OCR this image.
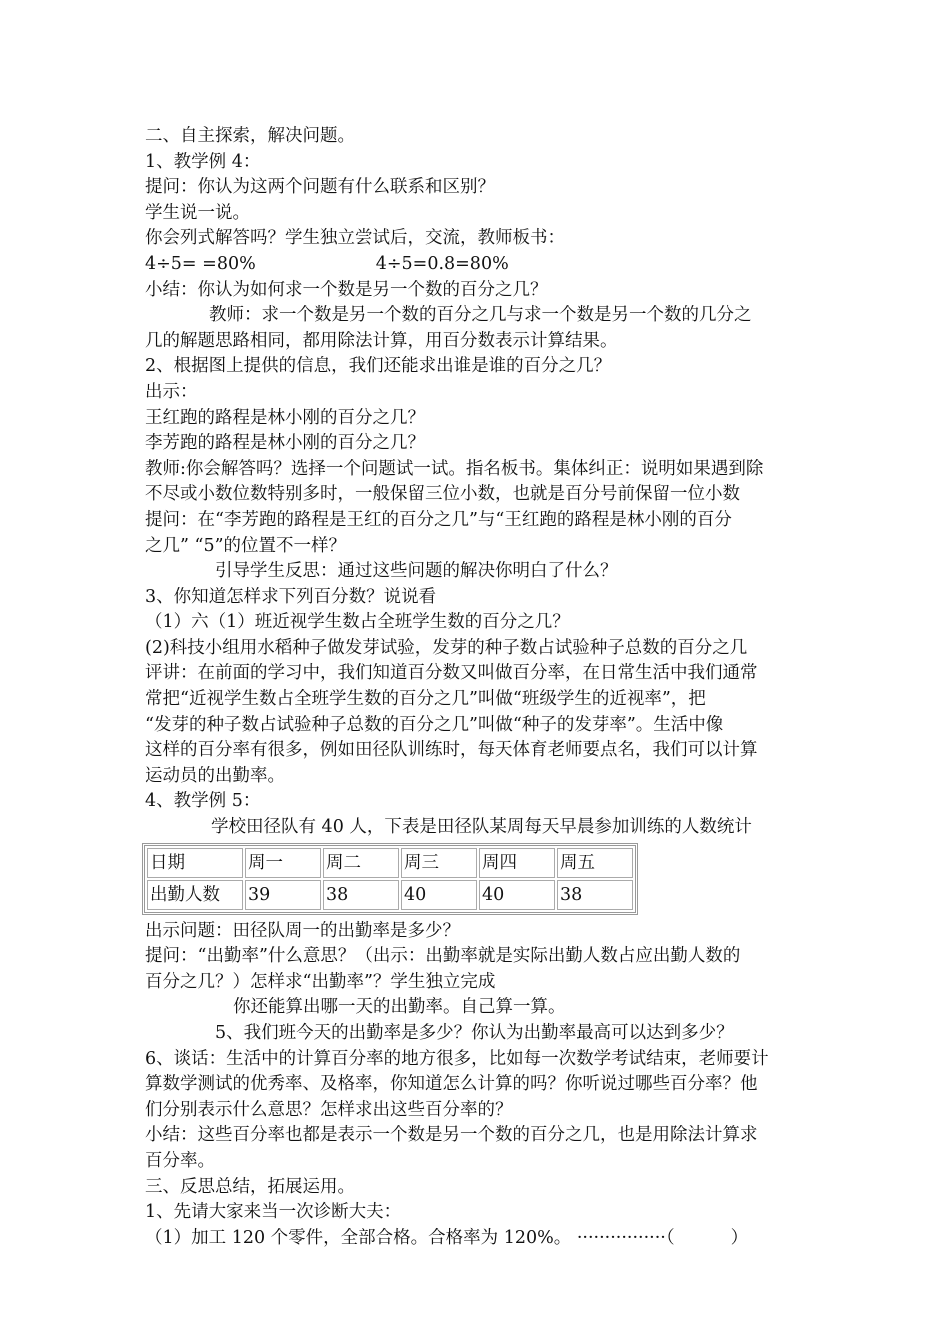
二、自主探索，解决问题。
1、教学例 4：
提问：你认为这两个问题有什么联系和区别？
学生说一说。
你会列式解答吗？学生独立尝试后，交流，教师板书：
4÷5= =80%	4÷5=0.8=80%
小结：你认为如何求一个数是另一个数的百分之几？
教师：求一个数是另一个数的百分之几与求一个数是另一个数的几分之
几的解题思路相同，都用除法计算，用百分数表示计算结果。
2、根据图上提供的信息，我们还能求出谁是谁的百分之几？
出示：
王红跑的路程是林小刚的百分之几？
李芳跑的路程是林小刚的百分之几？
教师:你会解答吗？选择一个问题试一试。指名板书。集体纠正：说明如果遇到除
不尽或小数位数特别多时，一般保留三位小数，也就是百分号前保留一位小数
提问：在“李芳跑的路程是王红的百分之几”与“王红跑的路程是林小刚的百分
之几” “5”的位置不一样？
引导学生反思：通过这些问题的解决你明白了什么？
3、你知道怎样求下列百分数？说说看
（1）六（1）班近视学生数占全班学生数的百分之几？
(2)科技小组用水稻种子做发芽试验，发芽的种子数占试验种子总数的百分之几
评讲：在前面的学习中，我们知道百分数又叫做百分率，在日常生活中我们通常
常把“近视学生数占全班学生数的百分之几”叫做“班级学生的近视率”，把
“发芽的种子数占试验种子总数的百分之几”叫做“种子的发芽率”。生活中像
这样的百分率有很多，例如田径队训练时，每天体育老师要点名，我们可以计算
运动员的出勤率。
4、教学例 5：
学校田径队有 40 人，下表是田径队某周每天早晨参加训练的人数统计
日期	周一	周二	周三	周四	周五
出勤人数	39	38	40	40	38
出示问题：田径队周一的出勤率是多少？
提问：“出勤率”什么意思？（出示：出勤率就是实际出勤人数占应出勤人数的
百分之几？）怎样求“出勤率”？学生独立完成
你还能算出哪一天的出勤率。自己算一算。
5、我们班今天的出勤率是多少？你认为出勤率最高可以达到多少？
6、谈话：生活中的计算百分率的地方很多，比如每一次数学考试结束，老师要计
算数学测试的优秀率、及格率，你知道怎么计算的吗？你听说过哪些百分率？他
们分别表示什么意思？怎样求出这些百分率的？
小结：这些百分率也都是表示一个数是另一个数的百分之几，也是用除法计算求
百分率。
三、反思总结，拓展运用。
1、先请大家来当一次诊断大夫：
（1）加工 120 个零件，全部合格。合格率为 120%。 ················（	）
